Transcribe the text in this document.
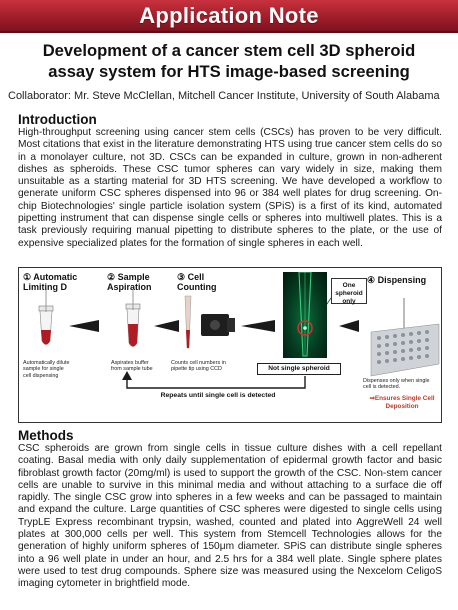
Application Note
Development of a cancer stem cell 3D spheroid
assay system for HTS image-based screening
Collaborator: Mr. Steve McClellan, Mitchell Cancer Institute, University of South Alabama
Introduction
High-throughput screening using cancer stem cells (CSCs) has proven to be very difficult. Most citations that exist in the literature demonstrating HTS using true cancer stem cells do so in a monolayer culture, not 3D. CSCs can be expanded in culture, grown in non-adherent dishes as spheroids. These CSC tumor spheres can vary widely in size, making them unsuitable as a starting material for 3D HTS screening. We have developed a workflow to generate uniform CSC spheres dispensed into 96 or 384 well plates for drug screening. On-chip Biotechnologies' single particle isolation system (SPiS) is a first of its kind, automated pipetting instrument that can dispense single cells or spheres into multiwell plates. This is a task previously requiring manual pipetting to distribute spheres to the plate, or the use of expensive specialized plates for the formation of single spheres in each well.
① Automatic Limiting D
Automatically dilute sample for single cell dispensing
② Sample Aspiration
Aspirates buffer from sample tube
③ Cell Counting
Counts cell numbers in pipette tip using CCD
One spheroid only
Not single spheroid
④ Dispensing
Dispenses only when single cell is detected.
Repeats until single cell is detected	⇒Ensures Single Cell Deposition
Methods
CSC spheroids are grown from single cells in tissue culture dishes with a cell repellant coating. Basal media with only daily supplementation of epidermal growth factor and basic fibroblast growth factor (20mg/ml) is used to support the growth of the CSC. Non-stem cancer cells are unable to survive in this minimal media and without attaching to a surface die off rapidly. The single CSC grow into spheres in a few weeks and can be passaged to maintain and expand the culture. Large quantities of CSC spheres were digested to single cells using TrypLE Express recombinant trypsin, washed, counted and plated into AggreWell 24 well plates at 300,000 cells per well. This system from Stemcell Technologies allows for the generation of highly uniform spheres of 150μm diameter. SPiS can distribute single spheres into a 96 well plate in under an hour, and 2.5 hrs for a 384 well plate. Single sphere plates were used to test drug compounds. Sphere size was measured using the Nexcelom CeligoS imaging cytometer in brightfield mode.
